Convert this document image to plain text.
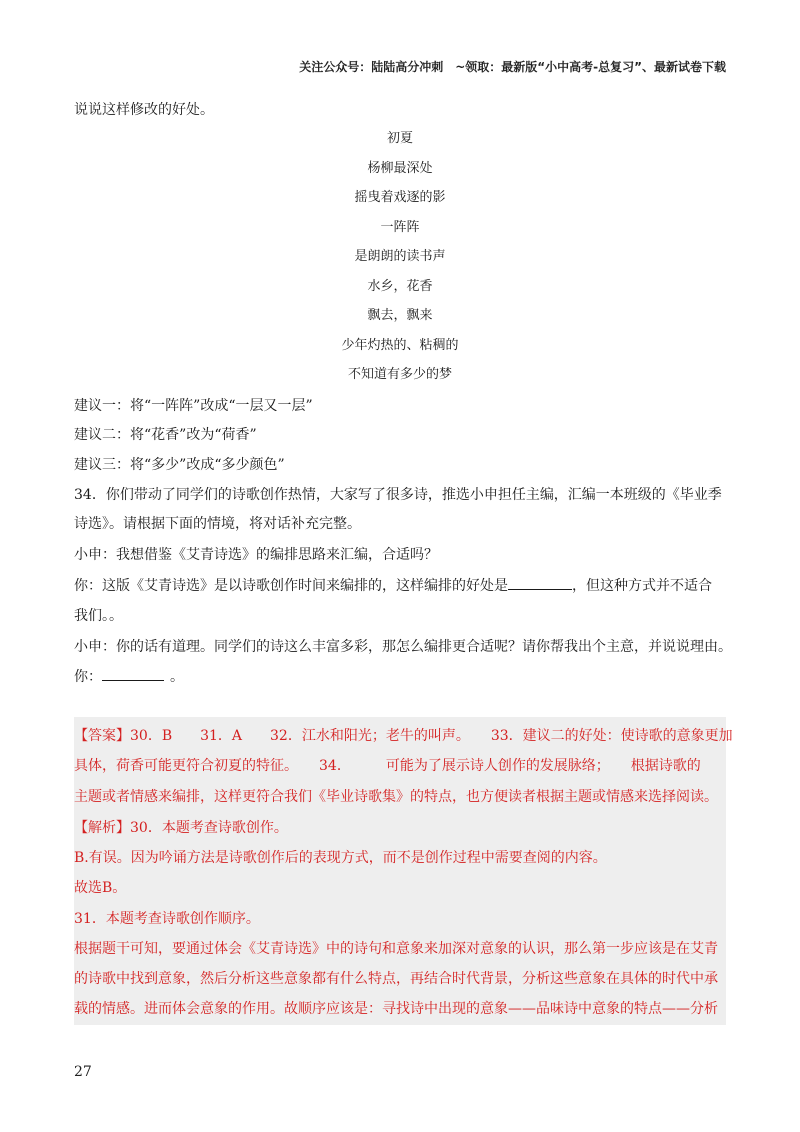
关注公众号：陆陆高分冲刺　~领取：最新版“小中高考-总复习”、最新试卷下载
说说这样修改的好处。
初夏
杨柳最深处
摇曳着戏逐的影
一阵阵
是朗朗的读书声
水乡，花香
飘去，飘来
少年灼热的、粘稠的
不知道有多少的梦
建议一：将“一阵阵”改成“一层又一层”
建议二：将“花香”改为“荷香”
建议三：将“多少”改成“多少颜色”
34．你们带动了同学们的诗歌创作热情，大家写了很多诗，推选小申担任主编，汇编一本班级的《毕业季
诗选》。请根据下面的情境，将对话补充完整。
小申：我想借鉴《艾青诗选》的编排思路来汇编，合适吗？
你：这版《艾青诗选》是以诗歌创作时间来编排的，这样编排的好处是	，但这种方式并不适合
我们。。
小申：你的话有道理。同学们的诗这么丰富多彩，那怎么编排更合适呢？请你帮我出个主意，并说说理由。
你：	。
【答案】30．B　　31．A　　32．江水和阳光；老牛的叫声。　　33．建议二的好处：使诗歌的意象更加
具体，荷香可能更符合初夏的特征。　　34．　　　可能为了展示诗人创作的发展脉络；　　根据诗歌的
主题或者情感来编排，这样更符合我们《毕业诗歌集》的特点，也方便读者根据主题或情感来选择阅读。
【解析】30．本题考查诗歌创作。
B.有误。因为吟诵方法是诗歌创作后的表现方式，而不是创作过程中需要查阅的内容。
故选B。
31．本题考查诗歌创作顺序。
根据题干可知，要通过体会《艾青诗选》中的诗句和意象来加深对意象的认识，那么第一步应该是在艾青
的诗歌中找到意象，然后分析这些意象都有什么特点，再结合时代背景，分析这些意象在具体的时代中承
载的情感。进而体会意象的作用。故顺序应该是：寻找诗中出现的意象——品味诗中意象的特点——分析
27
